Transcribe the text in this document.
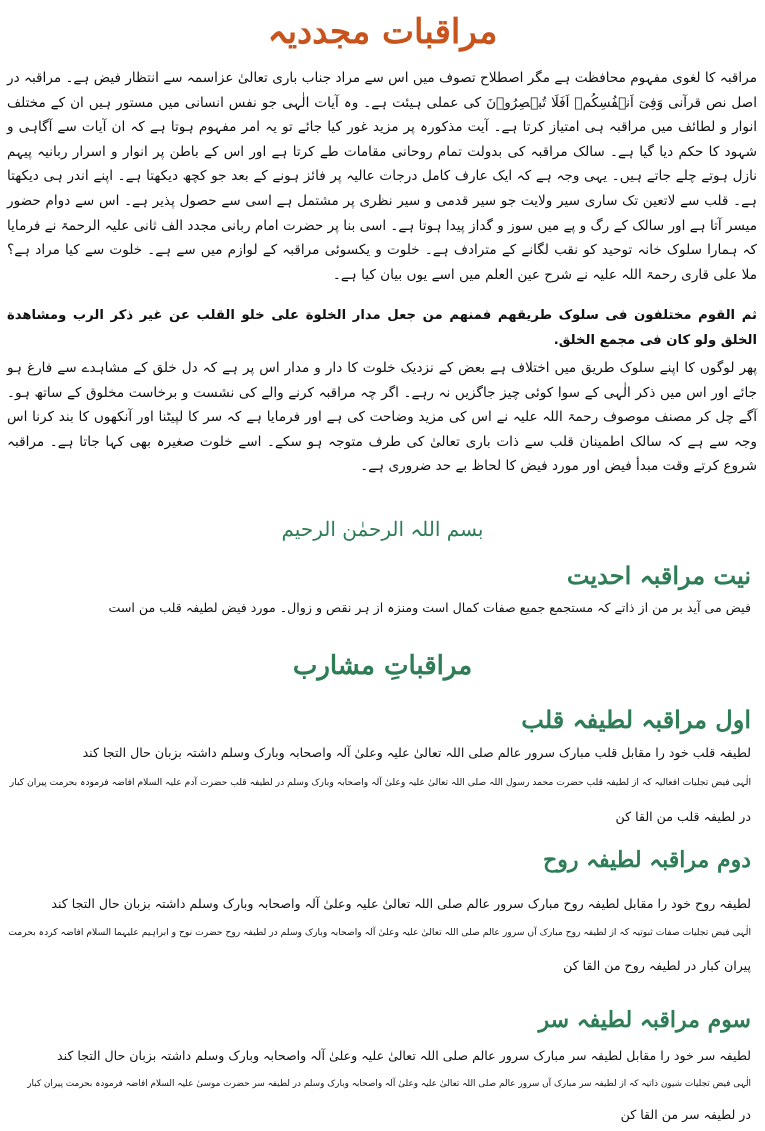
مراقبات مجددیہ
مراقبہ کا لغوی مفہوم محافظت ہے مگر اصطلاح تصوف میں اس سے مراد جناب باری تعالیٰ عزاسمہ سے انتظار فیض ہے۔ مراقبہ در اصل نص قرآنی وَفِیٓ اَنۡفُسِکُمۡ اَفَلَا تُبۡصِرُوۡنَ کی عملی ہیئت ہے۔ وہ آیات الٰہی جو نفس انسانی میں مستور ہیں ان کے مختلف انوار و لطائف میں مراقبہ ہی امتیاز کرتا ہے۔ آیت مذکورہ پر مزید غور کیا جائے تو یہ امر مفہوم ہوتا ہے کہ ان آیات سے آگاہی و شہود کا حکم دیا گیا ہے۔ سالک مراقبہ کی بدولت تمام روحانی مقامات طے کرتا ہے اور اس کے باطن پر انوار و اسرار ربانیہ پیہم نازل ہوتے چلے جاتے ہیں۔ یہی وجہ ہے کہ ایک عارف کامل درجات عالیہ پر فائز ہونے کے بعد جو کچھ دیکھتا ہے۔ اپنے اندر ہی دیکھتا ہے۔ قلب سے لاتعین تک ساری سیر ولایت جو سیر قدمی و سیر نظری پر مشتمل ہے اسی سے حصول پذیر ہے۔ اس سے دوام حضور میسر آتا ہے اور سالک کے رگ و پے میں سوز و گداز پیدا ہوتا ہے۔ اسی بنا پر حضرت امام ربانی مجدد الف ثانی علیہ الرحمۃ نے فرمایا کہ ہمارا سلوک خانہ توحید کو نقب لگانے کے مترادف ہے۔ خلوت و یکسوئی مراقبہ کے لوازم میں سے ہے۔ خلوت سے کیا مراد ہے؟ ملا علی قاری رحمۃ اللہ علیہ نے شرح عین العلم میں اسے یوں بیان کیا ہے۔
ثم القوم مختلفون فی سلوک طریقهم فمنهم من جعل مدار الخلوة علی خلو القلب عن غیر ذکر الرب ومشاهدة الخلق ولو کان فی مجمع الخلق.
پھر لوگوں کا اپنے سلوک طریق میں اختلاف ہے بعض کے نزدیک خلوت کا دار و مدار اس پر ہے کہ دل خلق کے مشاہدے سے فارغ ہو جائے اور اس میں ذکر الٰہی کے سوا کوئی چیز جاگزیں نہ رہے۔ اگر چہ مراقبہ کرنے والے کی نشست و برخاست مخلوق کے ساتھ ہو۔ آگے چل کر مصنف موصوف رحمۃ اللہ علیہ نے اس کی مزید وضاحت کی ہے اور فرمایا ہے کہ سر کا لپیٹنا اور آنکھوں کا بند کرنا اس وجہ سے ہے کہ سالک اطمینان قلب سے ذات باری تعالیٰ کی طرف متوجہ ہو سکے۔ اسے خلوت صغیرہ بھی کہا جاتا ہے۔ مراقبہ شروع کرتے وقت مبدأ فیض اور مورد فیض کا لحاظ بے حد ضروری ہے۔
بسم اللہ الرحمٰن الرحیم
نیت مراقبہ احدیت
فیض می آید بر من از ذاتے کہ مستجمع جمیع صفات کمال است ومنزہ از ہر نقص و زوال۔ مورد فیض لطیفہ قلب من است
مراقباتِ مشارب
اول مراقبہ لطیفہ قلب
لطیفہ قلب خود را مقابل قلب مبارک سرور عالم صلی اللہ تعالیٰ علیہ وعلیٰ آلہ واصحابہ وبارک وسلم داشتہ بزبان حال التجا کند
الٰہی فیض تجلیات افعالیہ کہ از لطیفہ قلب حضرت محمد رسول اللہ صلی اللہ تعالیٰ علیہ وعلیٰ آلہ واصحابہ وبارک وسلم در لطیفہ قلب حضرت آدم علیہ السلام افاضہ فرمودہ بحرمت پیران کبار
در لطیفہ قلب من القا کن
دوم مراقبہ لطیفہ روح
لطیفہ روح خود را مقابل لطیفہ روح مبارک سرور عالم صلی اللہ تعالیٰ علیہ وعلیٰ آلہ واصحابہ وبارک وسلم داشتہ بزبان حال التجا کند
الٰہی فیض تجلیات صفات ثبوتیہ کہ از لطیفہ روح مبارک آں سرور عالم صلی اللہ تعالیٰ علیہ وعلیٰ آلہ واصحابہ وبارک وسلم در لطیفہ روح حضرت نوح و ابراہیم علیہما السلام افاضہ کردہ بحرمت
پیران کبار در لطیفہ روح من القا کن
سوم مراقبہ لطیفہ سر
لطیفہ سر خود را مقابل لطیفہ سر مبارک سرور عالم صلی اللہ تعالیٰ علیہ وعلیٰ آلہ واصحابہ وبارک وسلم داشتہ بزبان حال التجا کند
الٰہی فیض تجلیات شیون ذاتیہ کہ از لطیفہ سر مبارک آں سرور عالم صلی اللہ تعالیٰ علیہ وعلیٰ آلہ واصحابہ وبارک وسلم در لطیفہ سر حضرت موسیٰ علیہ السلام افاضہ فرمودہ بحرمت پیران کبار
در لطیفہ سر من القا کن
